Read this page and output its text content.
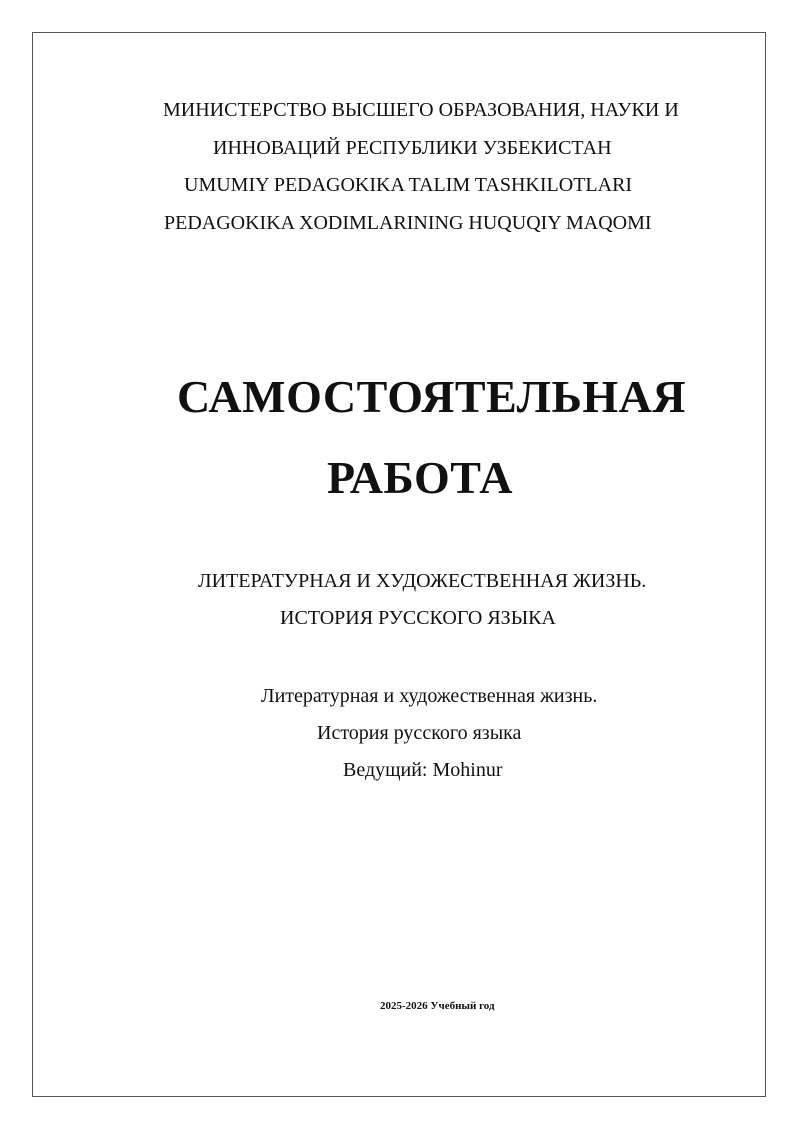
МИНИСТЕРСТВО ВЫСШЕГО ОБРАЗОВАНИЯ, НАУКИ И
ИННОВАЦИЙ РЕСПУБЛИКИ УЗБЕКИСТАН
UMUMIY PEDAGOKIKA TALIM TASHKILOTLARI
PEDAGOKIKA XODIMLARINING HUQUQIY MAQOMI
САМОСТОЯТЕЛЬНАЯ
РАБОТА
ЛИТЕРАТУРНАЯ И ХУДОЖЕСТВЕННАЯ ЖИЗНЬ.
ИСТОРИЯ РУССКОГО ЯЗЫКА
Литературная и художественная жизнь.
История русского языка
Ведущий: Mohinur
2025-2026 Учебный год
